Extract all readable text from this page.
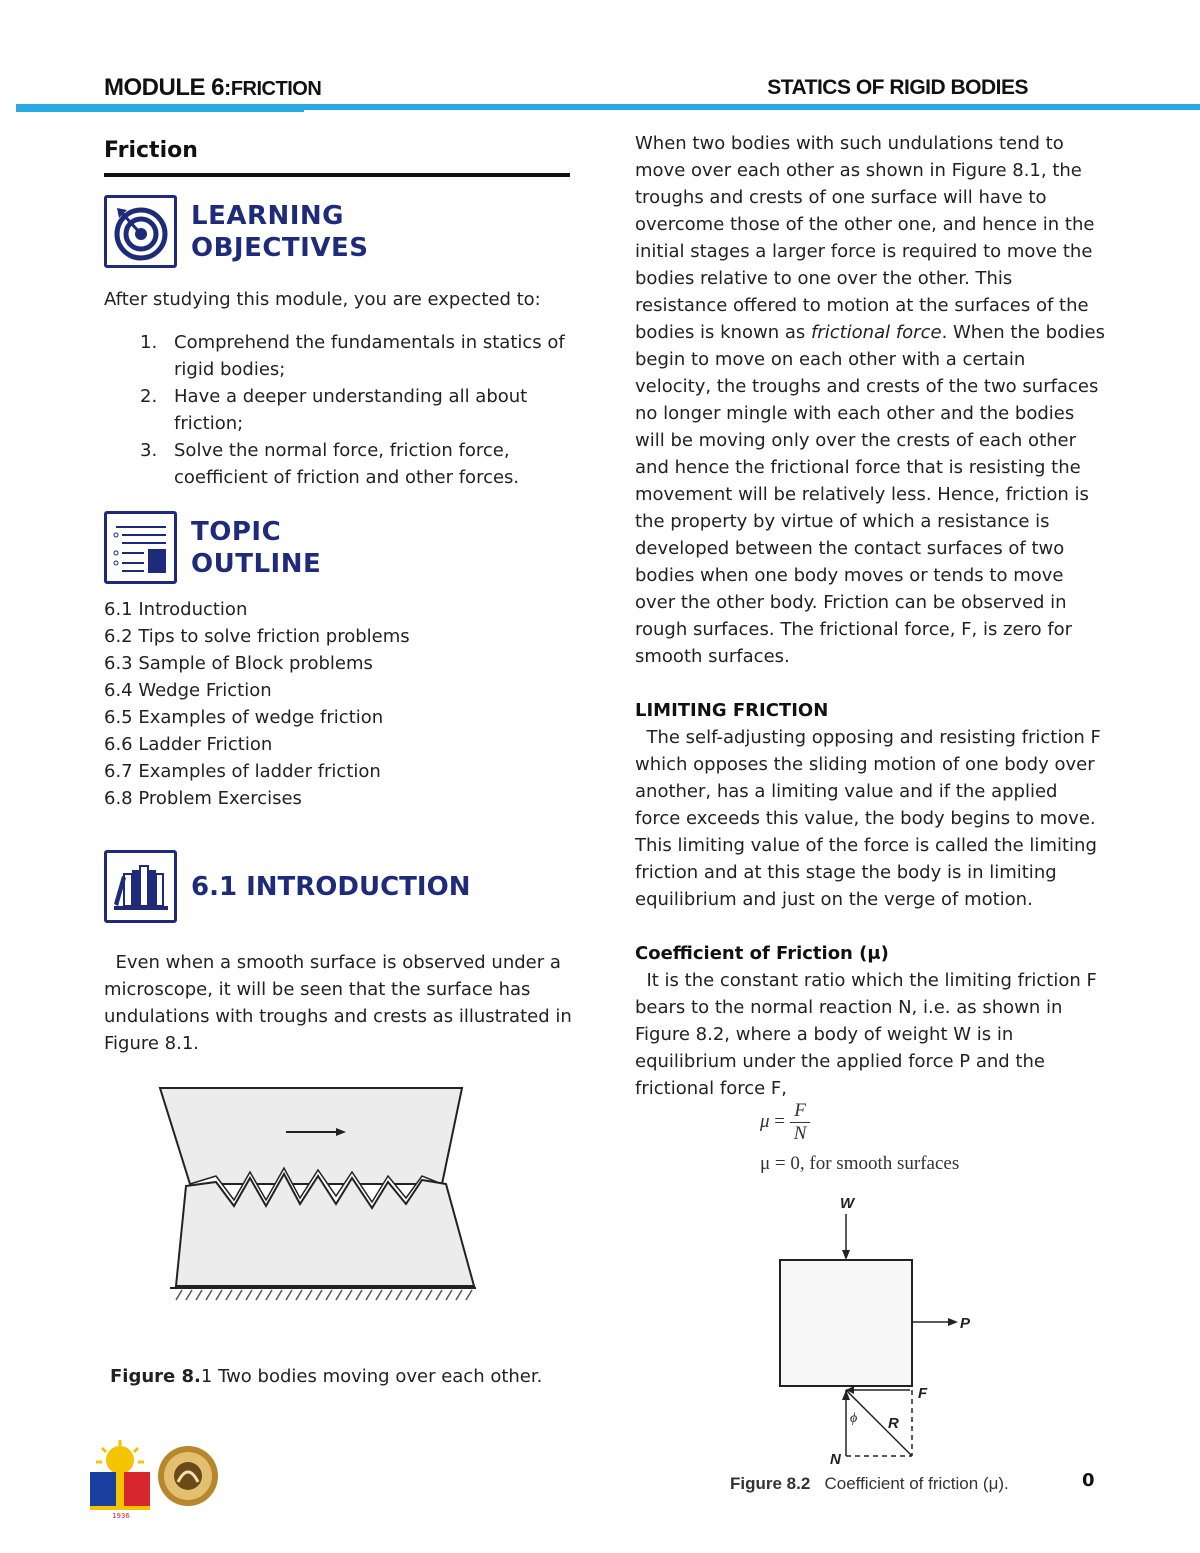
MODULE 6:FRICTION	STATICS OF RIGID BODIES
Friction
LEARNING
OBJECTIVES
After studying this module, you are expected to:
1. Comprehend the fundamentals in statics of rigid bodies;
2. Have a deeper understanding all about friction;
3. Solve the normal force, friction force, coefficient of friction and other forces.
TOPIC
OUTLINE
6.1 Introduction
6.2 Tips to solve friction problems
6.3 Sample of Block problems
6.4 Wedge Friction
6.5 Examples of wedge friction
6.6 Ladder Friction
6.7 Examples of ladder friction
6.8 Problem Exercises
6.1 INTRODUCTION
Even when a smooth surface is observed under a microscope, it will be seen that the surface has undulations with troughs and crests as illustrated in Figure 8.1.
Figure 8.1 Two bodies moving over each other.
When two bodies with such undulations tend to move over each other as shown in Figure 8.1, the troughs and crests of one surface will have to overcome those of the other one, and hence in the initial stages a larger force is required to move the bodies relative to one over the other. This resistance offered to motion at the surfaces of the bodies is known as frictional force. When the bodies begin to move on each other with a certain velocity, the troughs and crests of the two surfaces no longer mingle with each other and the bodies will be moving only over the crests of each other and hence the frictional force that is resisting the movement will be relatively less. Hence, friction is the property by virtue of which a resistance is developed between the contact surfaces of two bodies when one body moves or tends to move over the other body. Friction can be observed in rough surfaces. The frictional force, F, is zero for smooth surfaces.
LIMITING FRICTION
The self-adjusting opposing and resisting friction F which opposes the sliding motion of one body over another, has a limiting value and if the applied force exceeds this value, the body begins to move. This limiting value of the force is called the limiting friction and at this stage the body is in limiting equilibrium and just on the verge of motion.
Coefficient of Friction (μ)
It is the constant ratio which the limiting friction F bears to the normal reaction N, i.e. as shown in Figure 8.2, where a body of weight W is in equilibrium under the applied force P and the frictional force F,
$\mu = \frac{F}{N}$
μ = 0, for smooth surfaces
W
P
F
N
R
ϕ
Figure 8.2 Coefficient of friction (μ).	0
1936
